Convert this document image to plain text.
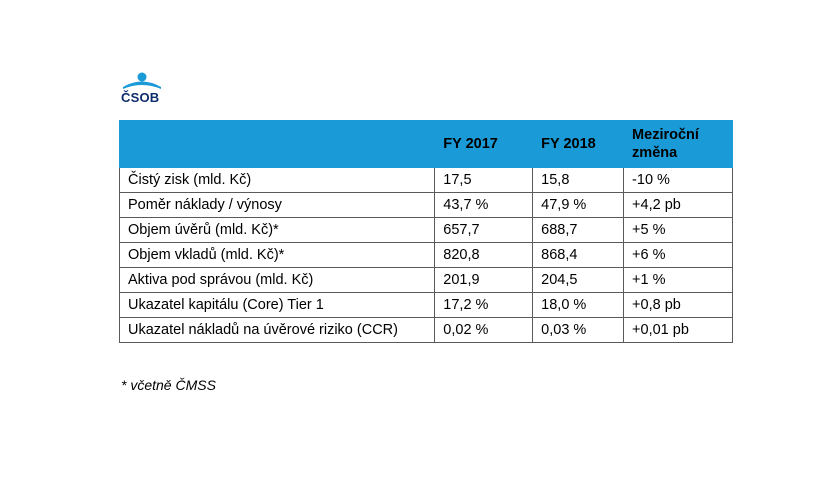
ČSOB
	FY 2017	FY 2018	Meziroční změna
Čistý zisk (mld. Kč)	17,5	15,8	-10 %
Poměr náklady / výnosy	43,7 %	47,9 %	+4,2 pb
Objem úvěrů (mld. Kč)*	657,7	688,7	+5 %
Objem vkladů (mld. Kč)*	820,8	868,4	+6 %
Aktiva pod správou (mld. Kč)	201,9	204,5	+1 %
Ukazatel kapitálu (Core) Tier 1	17,2 %	18,0 %	+0,8 pb
Ukazatel nákladů na úvěrové riziko (CCR)	0,02 %	0,03 %	+0,01 pb
* včetně ČMSS
